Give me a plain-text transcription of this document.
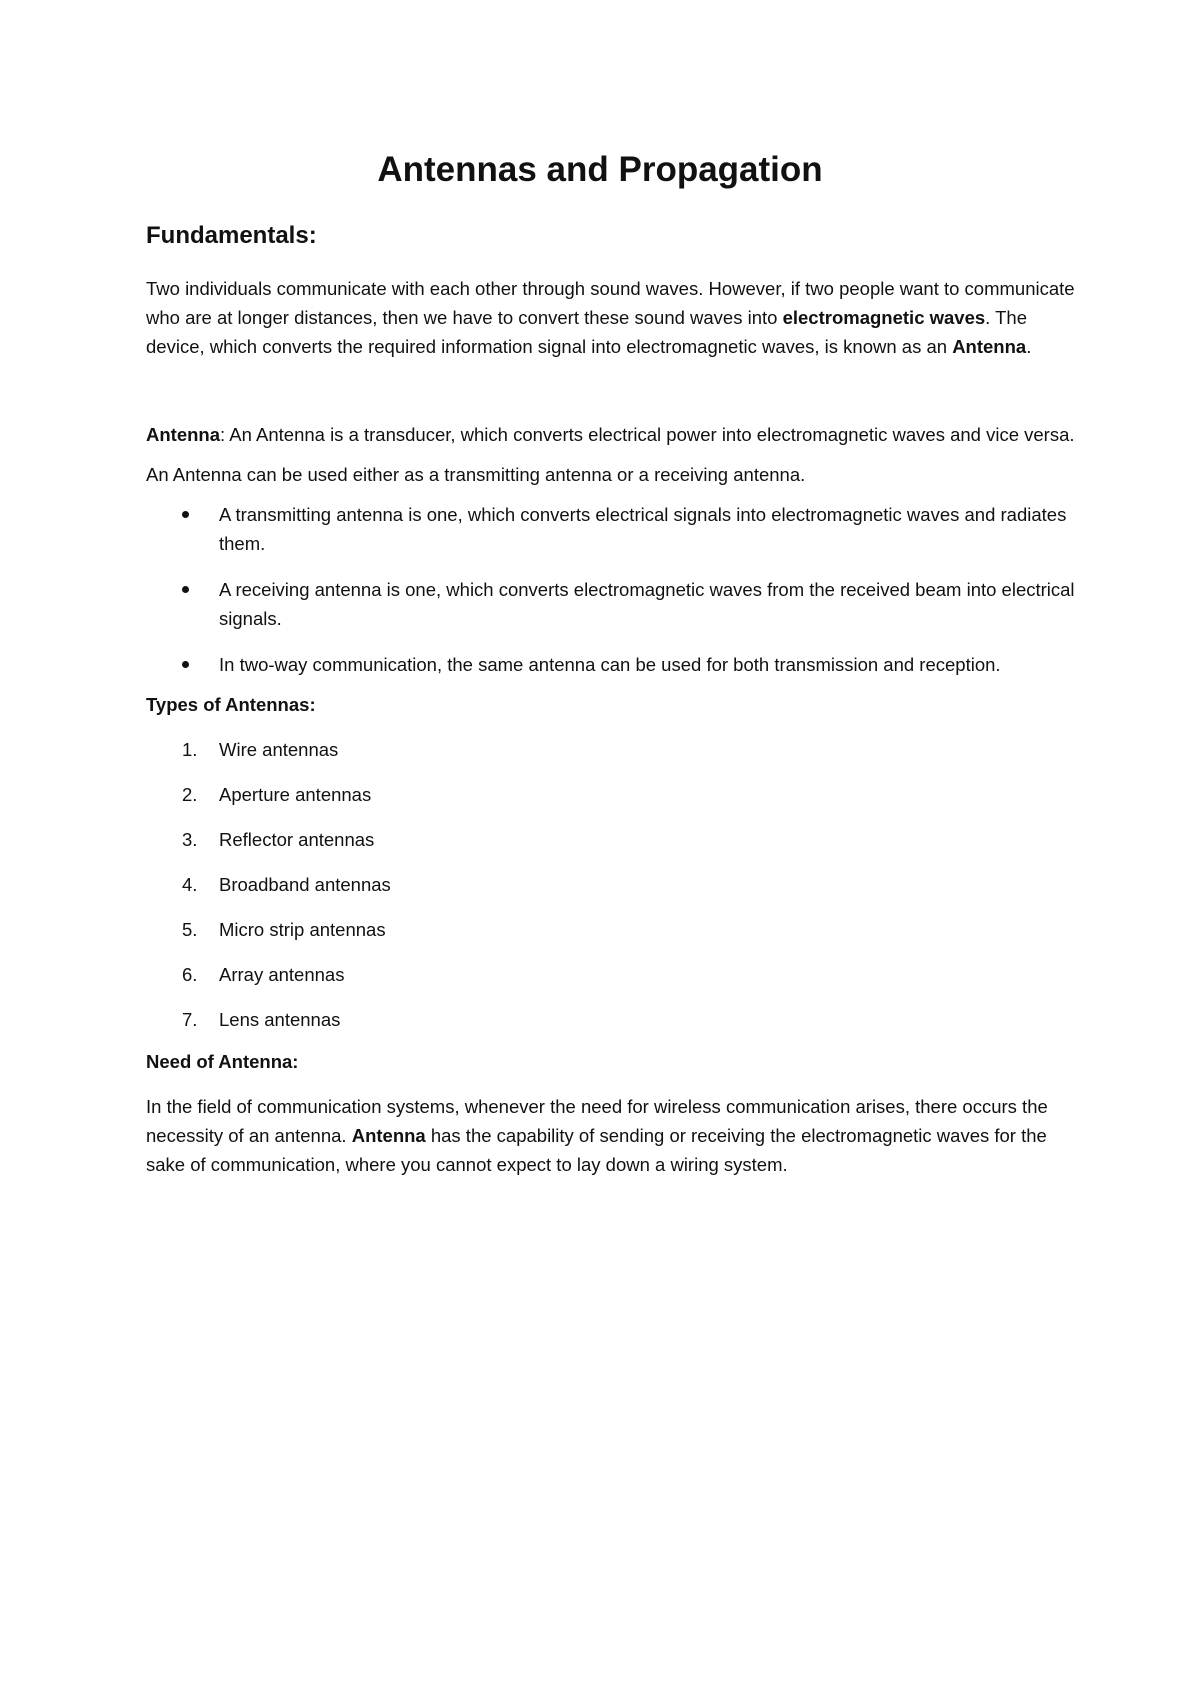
Antennas and Propagation
Fundamentals:

Two individuals communicate with each other through sound waves. However, if two people want to communicate who are at longer distances, then we have to convert these sound waves into electromagnetic waves. The device, which converts the required information signal into electromagnetic waves, is known as an Antenna.

Antenna: An Antenna is a transducer, which converts electrical power into electromagnetic waves and vice versa.

An Antenna can be used either as a transmitting antenna or a receiving antenna.

A transmitting antenna is one, which converts electrical signals into electromagnetic waves and radiates them.
A receiving antenna is one, which converts electromagnetic waves from the received beam into electrical signals.
In two-way communication, the same antenna can be used for both transmission and reception.

Types of Antennas:

1. Wire antennas
2. Aperture antennas
3. Reflector antennas
4. Broadband antennas
5. Micro strip antennas
6. Array antennas
7. Lens antennas

Need of Antenna:

In the field of communication systems, whenever the need for wireless communication arises, there occurs the necessity of an antenna. Antenna has the capability of sending or receiving the electromagnetic waves for the sake of communication, where you cannot expect to lay down a wiring system.
